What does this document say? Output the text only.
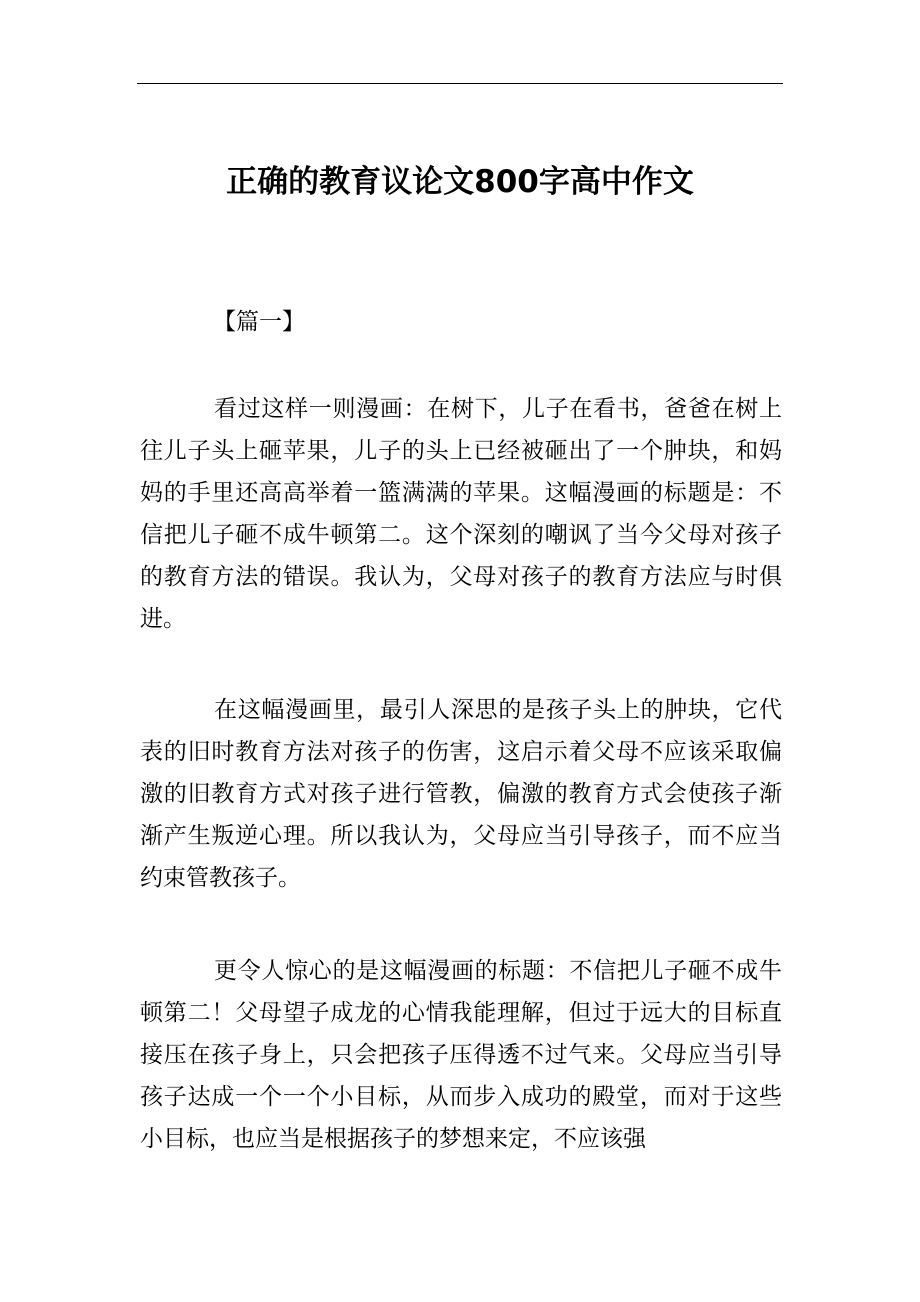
正确的教育议论文800字高中作文

【篇一】

看过这样一则漫画：在树下，儿子在看书，爸爸在树上往儿子头上砸苹果，儿子的头上已经被砸出了一个肿块，和妈妈的手里还高高举着一篮满满的苹果。这幅漫画的标题是：不信把儿子砸不成牛顿第二。这个深刻的嘲讽了当今父母对孩子的教育方法的错误。我认为，父母对孩子的教育方法应与时俱进。

在这幅漫画里，最引人深思的是孩子头上的肿块，它代表的旧时教育方法对孩子的伤害，这启示着父母不应该采取偏激的旧教育方式对孩子进行管教，偏激的教育方式会使孩子渐渐产生叛逆心理。所以我认为，父母应当引导孩子，而不应当约束管教孩子。

更令人惊心的是这幅漫画的标题：不信把儿子砸不成牛顿第二！父母望子成龙的心情我能理解，但过于远大的目标直接压在孩子身上，只会把孩子压得透不过气来。父母应当引导孩子达成一个一个小目标，从而步入成功的殿堂，而对于这些小目标，也应当是根据孩子的梦想来定，不应该强
